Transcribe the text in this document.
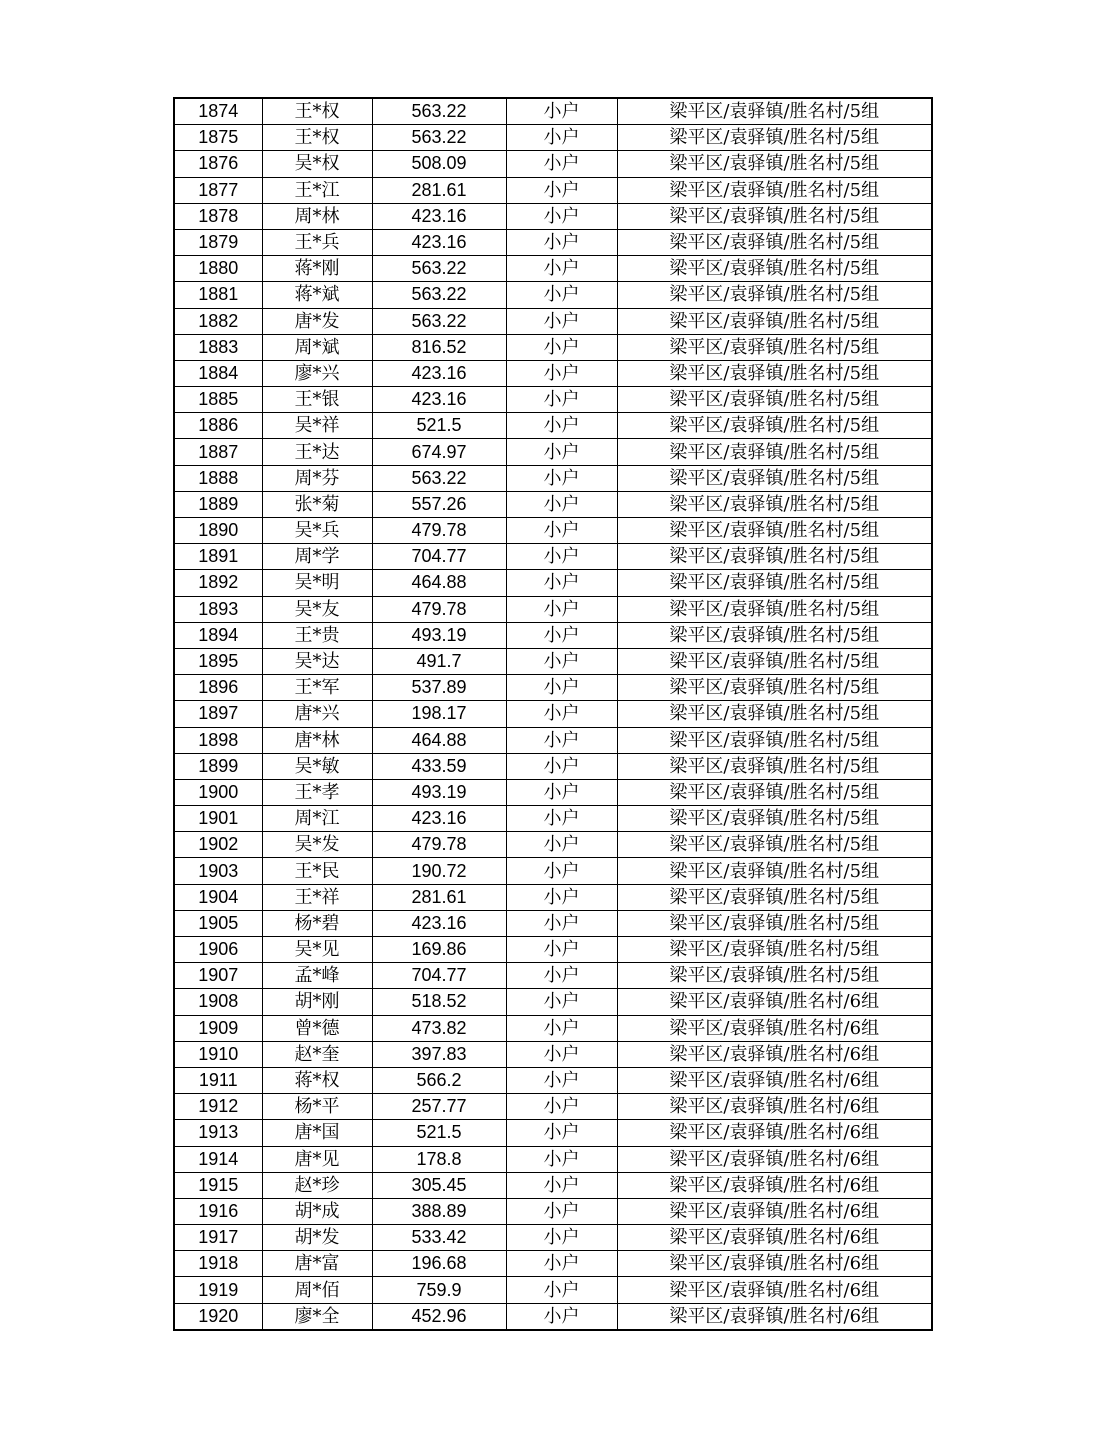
1874	王*权	563.22	小户	梁平区/袁驿镇/胜名村/5组
1875	王*权	563.22	小户	梁平区/袁驿镇/胜名村/5组
1876	吴*权	508.09	小户	梁平区/袁驿镇/胜名村/5组
1877	王*江	281.61	小户	梁平区/袁驿镇/胜名村/5组
1878	周*林	423.16	小户	梁平区/袁驿镇/胜名村/5组
1879	王*兵	423.16	小户	梁平区/袁驿镇/胜名村/5组
1880	蒋*刚	563.22	小户	梁平区/袁驿镇/胜名村/5组
1881	蒋*斌	563.22	小户	梁平区/袁驿镇/胜名村/5组
1882	唐*发	563.22	小户	梁平区/袁驿镇/胜名村/5组
1883	周*斌	816.52	小户	梁平区/袁驿镇/胜名村/5组
1884	廖*兴	423.16	小户	梁平区/袁驿镇/胜名村/5组
1885	王*银	423.16	小户	梁平区/袁驿镇/胜名村/5组
1886	吴*祥	521.5	小户	梁平区/袁驿镇/胜名村/5组
1887	王*达	674.97	小户	梁平区/袁驿镇/胜名村/5组
1888	周*芬	563.22	小户	梁平区/袁驿镇/胜名村/5组
1889	张*菊	557.26	小户	梁平区/袁驿镇/胜名村/5组
1890	吴*兵	479.78	小户	梁平区/袁驿镇/胜名村/5组
1891	周*学	704.77	小户	梁平区/袁驿镇/胜名村/5组
1892	吴*明	464.88	小户	梁平区/袁驿镇/胜名村/5组
1893	吴*友	479.78	小户	梁平区/袁驿镇/胜名村/5组
1894	王*贵	493.19	小户	梁平区/袁驿镇/胜名村/5组
1895	吴*达	491.7	小户	梁平区/袁驿镇/胜名村/5组
1896	王*军	537.89	小户	梁平区/袁驿镇/胜名村/5组
1897	唐*兴	198.17	小户	梁平区/袁驿镇/胜名村/5组
1898	唐*林	464.88	小户	梁平区/袁驿镇/胜名村/5组
1899	吴*敏	433.59	小户	梁平区/袁驿镇/胜名村/5组
1900	王*孝	493.19	小户	梁平区/袁驿镇/胜名村/5组
1901	周*江	423.16	小户	梁平区/袁驿镇/胜名村/5组
1902	吴*发	479.78	小户	梁平区/袁驿镇/胜名村/5组
1903	王*民	190.72	小户	梁平区/袁驿镇/胜名村/5组
1904	王*祥	281.61	小户	梁平区/袁驿镇/胜名村/5组
1905	杨*碧	423.16	小户	梁平区/袁驿镇/胜名村/5组
1906	吴*见	169.86	小户	梁平区/袁驿镇/胜名村/5组
1907	孟*峰	704.77	小户	梁平区/袁驿镇/胜名村/5组
1908	胡*刚	518.52	小户	梁平区/袁驿镇/胜名村/6组
1909	曾*德	473.82	小户	梁平区/袁驿镇/胜名村/6组
1910	赵*奎	397.83	小户	梁平区/袁驿镇/胜名村/6组
1911	蒋*权	566.2	小户	梁平区/袁驿镇/胜名村/6组
1912	杨*平	257.77	小户	梁平区/袁驿镇/胜名村/6组
1913	唐*国	521.5	小户	梁平区/袁驿镇/胜名村/6组
1914	唐*见	178.8	小户	梁平区/袁驿镇/胜名村/6组
1915	赵*珍	305.45	小户	梁平区/袁驿镇/胜名村/6组
1916	胡*成	388.89	小户	梁平区/袁驿镇/胜名村/6组
1917	胡*发	533.42	小户	梁平区/袁驿镇/胜名村/6组
1918	唐*富	196.68	小户	梁平区/袁驿镇/胜名村/6组
1919	周*佰	759.9	小户	梁平区/袁驿镇/胜名村/6组
1920	廖*全	452.96	小户	梁平区/袁驿镇/胜名村/6组
